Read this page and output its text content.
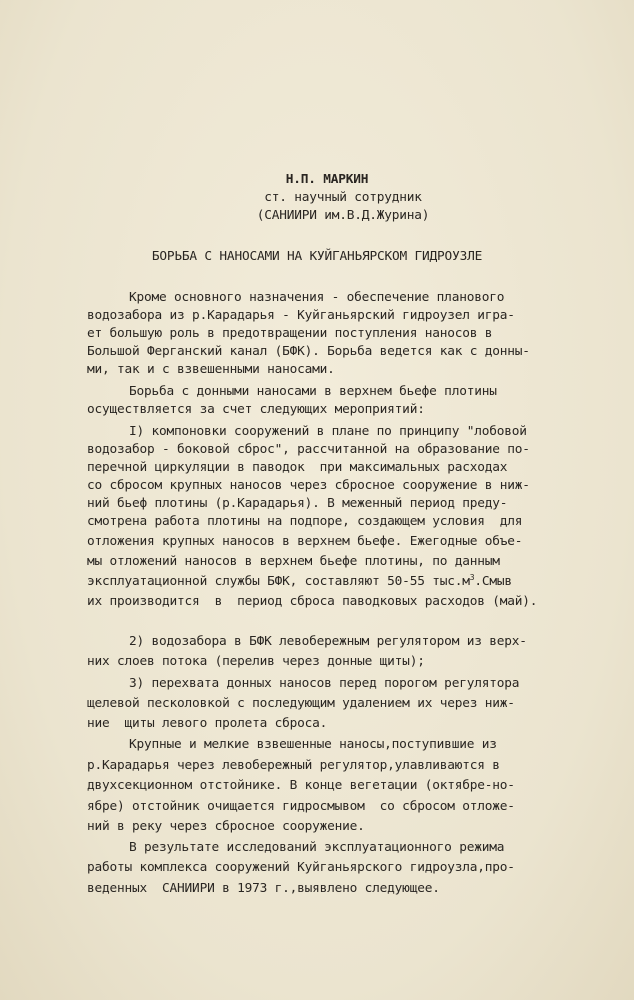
Н.П. МАРКИН
ст. научный сотрудник
(САНИИРИ им.В.Д.Журина)
БОРЬБА С НАНОСАМИ НА КУЙГАНЬЯРСКОМ ГИДРОУЗЛЕ
Кроме основного назначения - обеспечение планового
водозабора из р.Карадарья - Куйганьярский гидроузел игра-
ет большую роль в предотвращении поступления наносов в
Большой Ферганский канал (БФК). Борьба ведется как с донны-
ми, так и с взвешенными наносами.
Борьба с донными наносами в верхнем бьефе плотины
осуществляется за счет следующих мероприятий:
I) компоновки сооружений в плане по принципу "лобовой
водозабор - боковой сброс", рассчитанной на образование по-
перечной циркуляции в паводок  при максимальных расходах
со сбросом крупных наносов через сбросное сооружение в ниж-
ний бьеф плотины (р.Карадарья). В меженный период преду-
смотрена работа плотины на подпоре, создающем условия  для
отложения крупных наносов в верхнем бьефе. Ежегодные объе-
мы отложений наносов в верхнем бьефе плотины, по данным
эксплуатационной службы БФК, составляют 50-55 $тыс.м^3.Смыв$
их производится  в  период сброса паводковых расходов (май).
2) водозабора в БФК левобережным регулятором из верх-
них слоев потока (перелив через донные щиты);
3) перехвата донных наносов перед порогом регулятора
щелевой песколовкой с последующим удалением их через ниж-
ние  щиты левого пролета сброса.
Крупные и мелкие взвешенные наносы,поступившие из
р.Карадарья через левобережный регулятор,улавливаются в
двухсекционном отстойнике. В конце вегетации (октябре-но-
ябре) отстойник очищается гидросмывом  со сбросом отложе-
ний в реку через сбросное сооружение.
В результате исследований эксплуатационного режима
работы комплекса сооружений Куйганьярского гидроузла,про-
веденных  САНИИРИ в 1973 г.,выявлено следующее.
